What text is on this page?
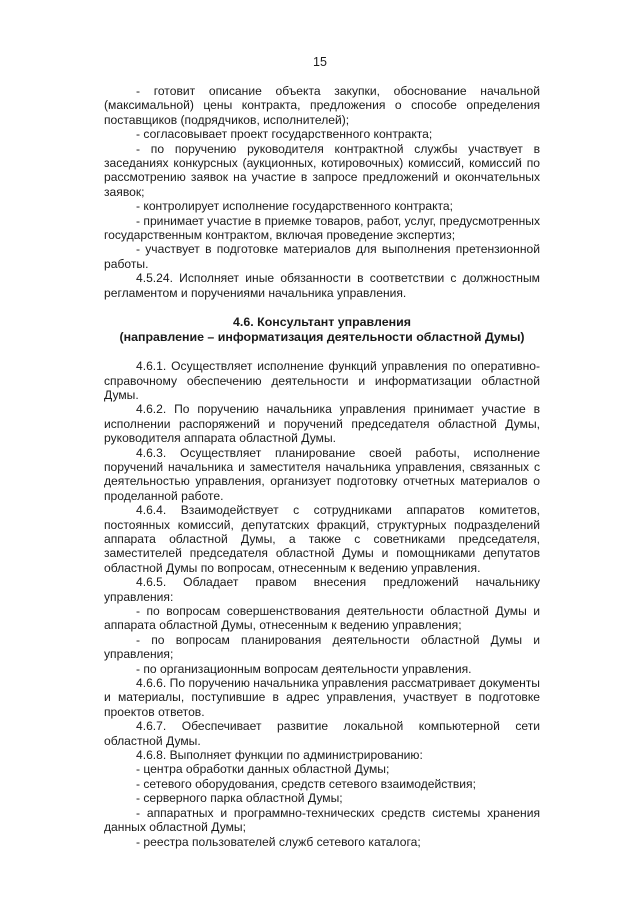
15

- готовит описание объекта закупки, обоснование начальной (максимальной) цены контракта, предложения о способе определения поставщиков (подрядчиков, исполнителей);

- согласовывает проект государственного контракта;

- по поручению руководителя контрактной службы участвует в заседаниях конкурсных (аукционных, котировочных) комиссий, комиссий по рассмотрению заявок на участие в запросе предложений и окончательных заявок;

- контролирует исполнение государственного контракта;

- принимает участие в приемке товаров, работ, услуг, предусмотренных государственным контрактом, включая проведение экспертиз;

- участвует в подготовке материалов для выполнения претензионной работы.

4.5.24. Исполняет иные обязанности в соответствии с должностным регламентом и поручениями начальника управления.

4.6. Консультант управления

(направление – информатизация деятельности областной Думы)

4.6.1. Осуществляет исполнение функций управления по оперативно-справочному обеспечению деятельности и информатизации областной Думы.

4.6.2. По поручению начальника управления принимает участие в исполнении распоряжений и поручений председателя областной Думы, руководителя аппарата областной Думы.

4.6.3. Осуществляет планирование своей работы, исполнение поручений начальника и заместителя начальника управления, связанных с деятельностью управления, организует подготовку отчетных материалов о проделанной работе.

4.6.4. Взаимодействует с сотрудниками аппаратов комитетов, постоянных комиссий, депутатских фракций, структурных подразделений аппарата областной Думы, а также с советниками председателя, заместителей председателя областной Думы и помощниками депутатов областной Думы по вопросам, отнесенным к ведению управления.

4.6.5. Обладает правом внесения предложений начальнику управления:

- по вопросам совершенствования деятельности областной Думы и аппарата областной Думы, отнесенным к ведению управления;

- по вопросам планирования деятельности областной Думы и управления;

- по организационным вопросам деятельности управления.

4.6.6. По поручению начальника управления рассматривает документы и материалы, поступившие в адрес управления, участвует в подготовке проектов ответов.

4.6.7. Обеспечивает развитие локальной компьютерной сети областной Думы.

4.6.8. Выполняет функции по администрированию:

- центра обработки данных областной Думы;

- сетевого оборудования, средств сетевого взаимодействия;

- серверного парка областной Думы;

- аппаратных и программно-технических средств системы хранения данных областной Думы;

- реестра пользователей служб сетевого каталога;
